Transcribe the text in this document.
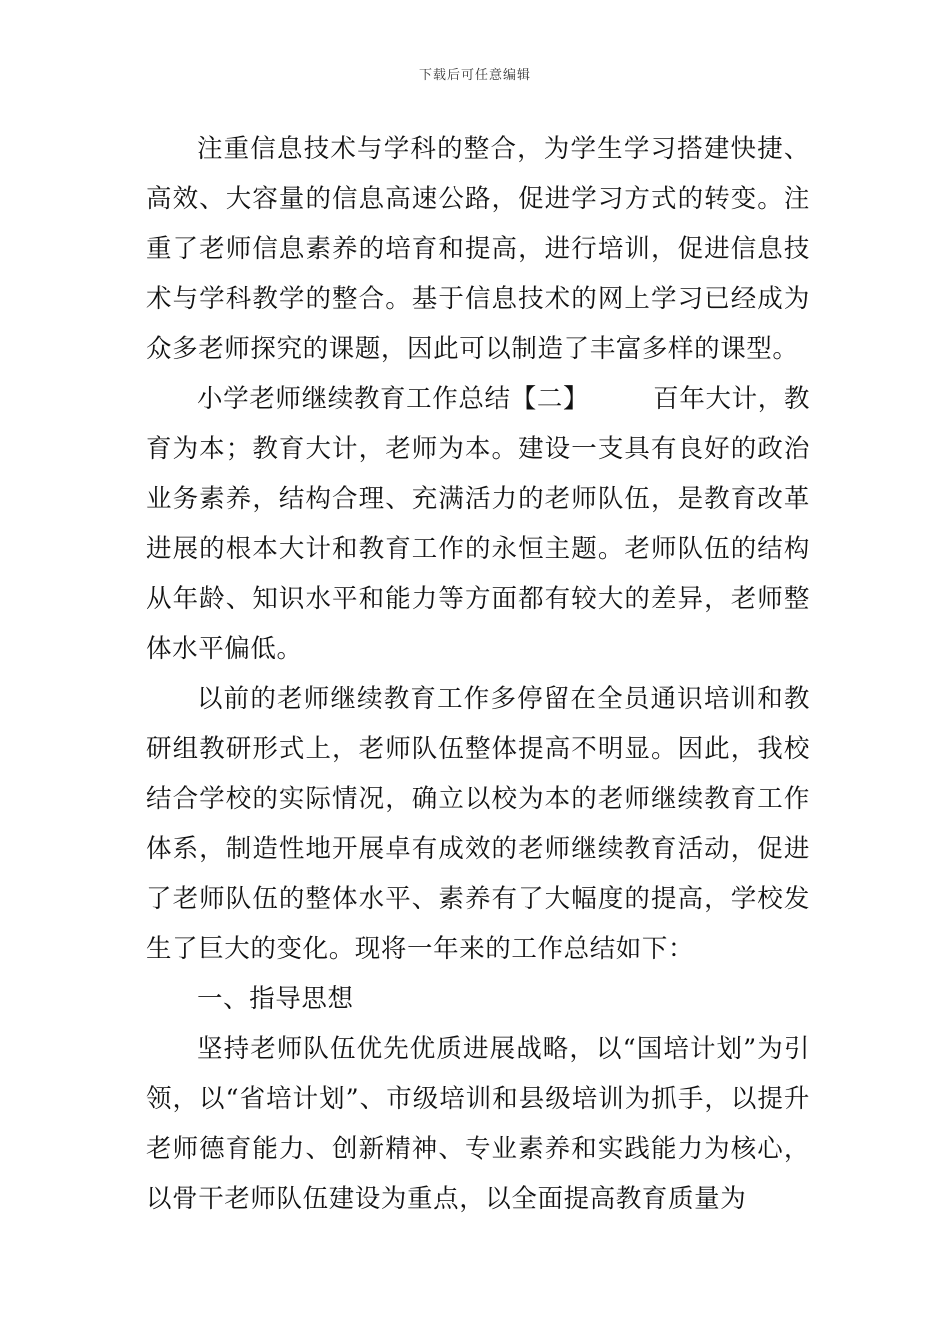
下载后可任意编辑

注重信息技术与学科的整合，为学生学习搭建快捷、高效、大容量的信息高速公路，促进学习方式的转变。注重了老师信息素养的培育和提高，进行培训，促进信息技术与学科教学的整合。基于信息技术的网上学习已经成为众多老师探究的课题，因此可以制造了丰富多样的课型。

小学老师继续教育工作总结【二】	百年大计，教育为本；教育大计，老师为本。建设一支具有良好的政治业务素养，结构合理、充满活力的老师队伍，是教育改革进展的根本大计和教育工作的永恒主题。老师队伍的结构从年龄、知识水平和能力等方面都有较大的差异，老师整体水平偏低。

以前的老师继续教育工作多停留在全员通识培训和教研组教研形式上，老师队伍整体提高不明显。因此，我校结合学校的实际情况，确立以校为本的老师继续教育工作体系，制造性地开展卓有成效的老师继续教育活动，促进了老师队伍的整体水平、素养有了大幅度的提高，学校发生了巨大的变化。现将一年来的工作总结如下：

一、指导思想

坚持老师队伍优先优质进展战略，以“国培计划”为引领，以“省培计划”、市级培训和县级培训为抓手，以提升老师德育能力、创新精神、专业素养和实践能力为核心，以骨干老师队伍建设为重点，以全面提高教育质量为
